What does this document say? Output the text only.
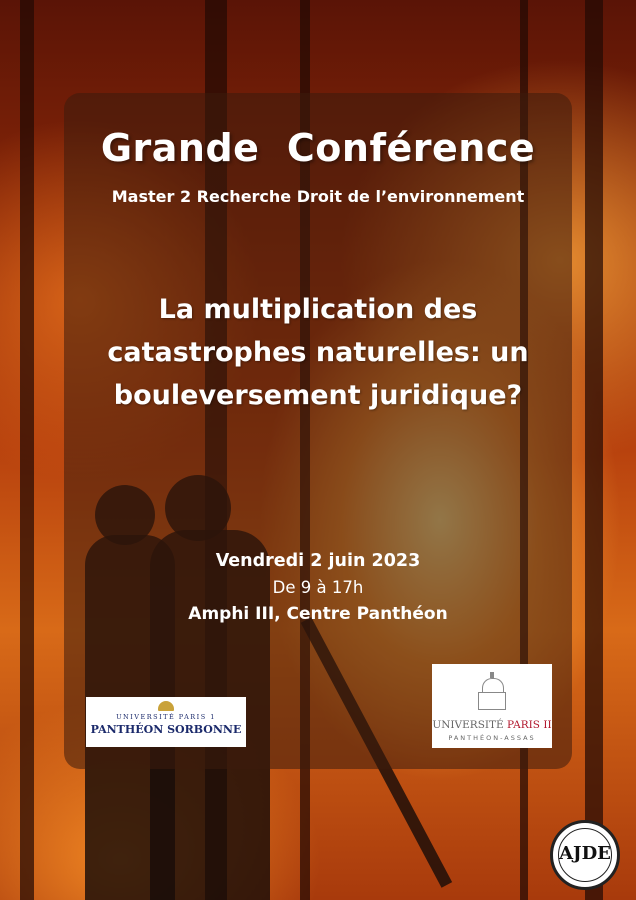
Grande  Conférence
Master 2 Recherche Droit de l’environnement
La multiplication des
catastrophes naturelles: un
bouleversement juridique?
Vendredi 2 juin 2023
De 9 à 17h
Amphi III, Centre Panthéon
UNIVERSITÉ PARIS 1
PANTHÉON SORBONNE	UNIVERSITÉ PARIS II
PANTHÉON-ASSAS
AJDE
